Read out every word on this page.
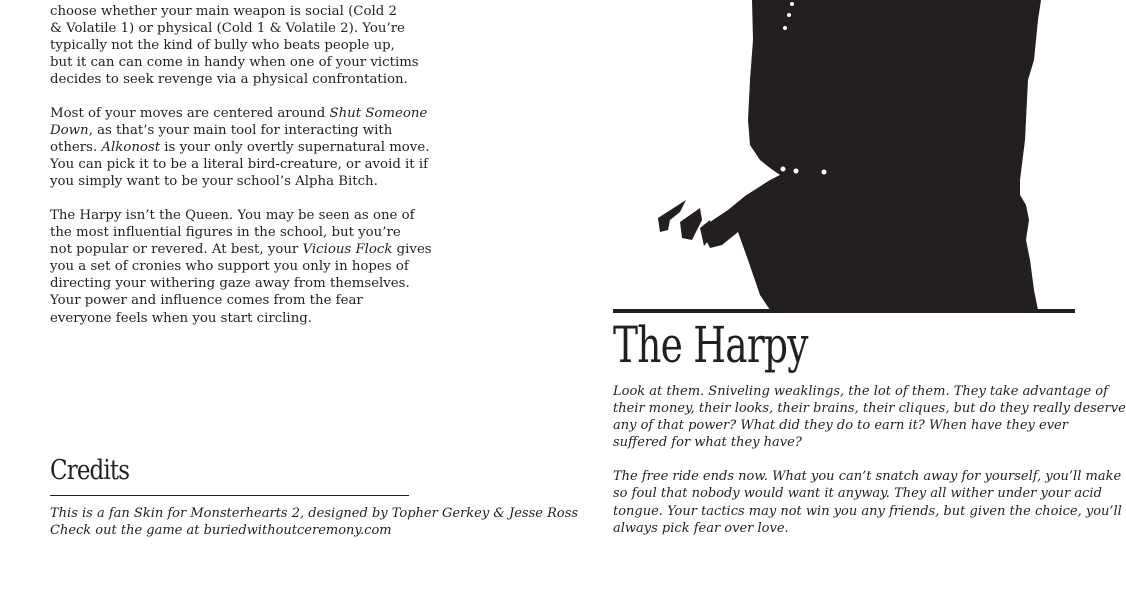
choose whether your main weapon is social (Cold 2
& Volatile 1) or physical (Cold 1 & Volatile 2). You’re
typically not the kind of bully who beats people up,
but it can can come in handy when one of your victims
decides to seek revenge via a physical confrontation.

Most of your moves are centered around Shut Someone
Down, as that’s your main tool for interacting with
others. Alkonost is your only overtly supernatural move.
You can pick it to be a literal bird-creature, or avoid it if
you simply want to be your school’s Alpha Bitch.

The Harpy isn’t the Queen. You may be seen as one of
the most influential figures in the school, but you’re
not popular or revered. At best, your Vicious Flock gives
you a set of cronies who support you only in hopes of
directing your withering gaze away from themselves.
Your power and influence comes from the fear
everyone feels when you start circling.

Credits
This is a fan Skin for Monsterhearts 2, designed by Topher Gerkey & Jesse Ross
Check out the game at buriedwithoutceremony.com
The Harpy

Look at them. Sniveling weaklings, the lot of them. They take advantage of
their money, their looks, their brains, their cliques, but do they really deserve
any of that power? What did they do to earn it? When have they ever
suffered for what they have?

The free ride ends now. What you can’t snatch away for yourself, you’ll make
so foul that nobody would want it anyway. They all wither under your acid
tongue. Your tactics may not win you any friends, but given the choice, you’ll
always pick fear over love.
